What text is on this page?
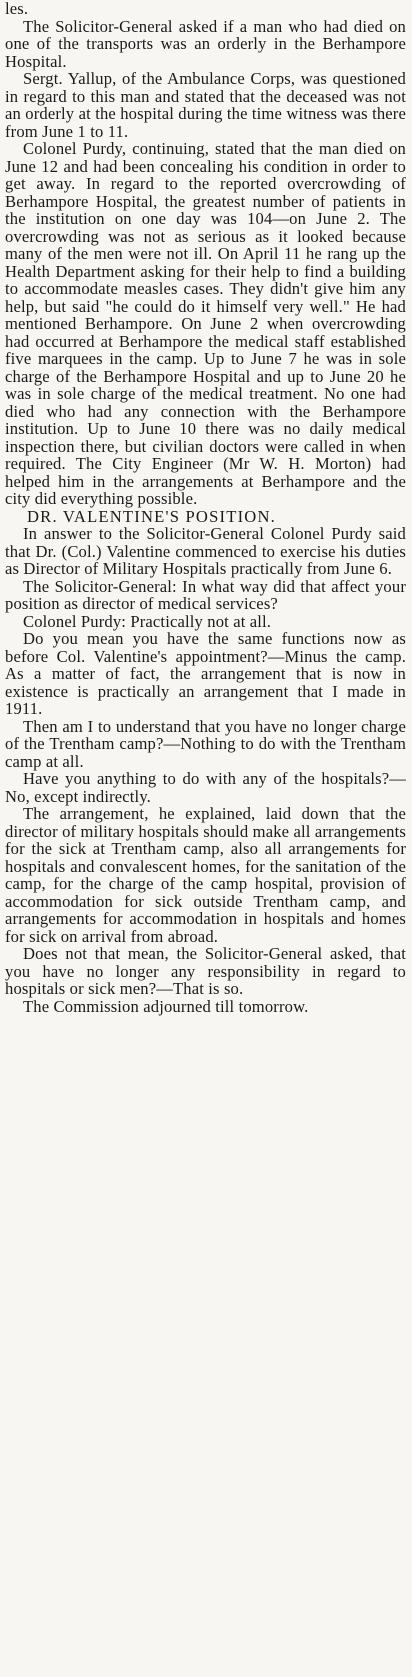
les.

The Solicitor-General asked if a man who had died on one of the transports was an orderly in the Berhampore Hospital.

Sergt. Yallup, of the Ambulance Corps, was questioned in regard to this man and stated that the deceased was not an orderly at the hospital during the time witness was there from June 1 to 11.

Colonel Purdy, continuing, stated that the man died on June 12 and had been concealing his condition in order to get away. In regard to the reported overcrowding of Berhampore Hospital, the greatest number of patients in the institution on one day was 104—on June 2. The overcrowding was not as serious as it looked because many of the men were not ill. On April 11 he rang up the Health Department asking for their help to find a building to accommodate measles cases. They didn't give him any help, but said "he could do it himself very well." He had mentioned Berhampore. On June 2 when overcrowding had occurred at Berhampore the medical staff established five marquees in the camp. Up to June 7 he was in sole charge of the Berhampore Hospital and up to June 20 he was in sole charge of the medical treatment. No one had died who had any connection with the Berhampore institution. Up to June 10 there was no daily medical inspection there, but civilian doctors were called in when required. The City Engineer (Mr W. H. Morton) had helped him in the arrangements at Berhampore and the city did everything possible.

DR. VALENTINE'S POSITION.

In answer to the Solicitor-General Colonel Purdy said that Dr. (Col.) Valentine commenced to exercise his duties as Director of Military Hospitals practically from June 6.

The Solicitor-General: In what way did that affect your position as director of medical services?

Colonel Purdy: Practically not at all.

Do you mean you have the same functions now as before Col. Valentine's appointment?—Minus the camp. As a matter of fact, the arrangement that is now in existence is practically an arrangement that I made in 1911.

Then am I to understand that you have no longer charge of the Trentham camp?—Nothing to do with the Trentham camp at all.

Have you anything to do with any of the hospitals?—No, except indirectly.

The arrangement, he explained, laid down that the director of military hospitals should make all arrangements for the sick at Trentham camp, also all arrangements for hospitals and convalescent homes, for the sanitation of the camp, for the charge of the camp hospital, provision of accommodation for sick outside Trentham camp, and arrangements for accommodation in hospitals and homes for sick on arrival from abroad.

Does not that mean, the Solicitor-General asked, that you have no longer any responsibility in regard to hospitals or sick men?—That is so.

The Commission adjourned till tomorrow.
